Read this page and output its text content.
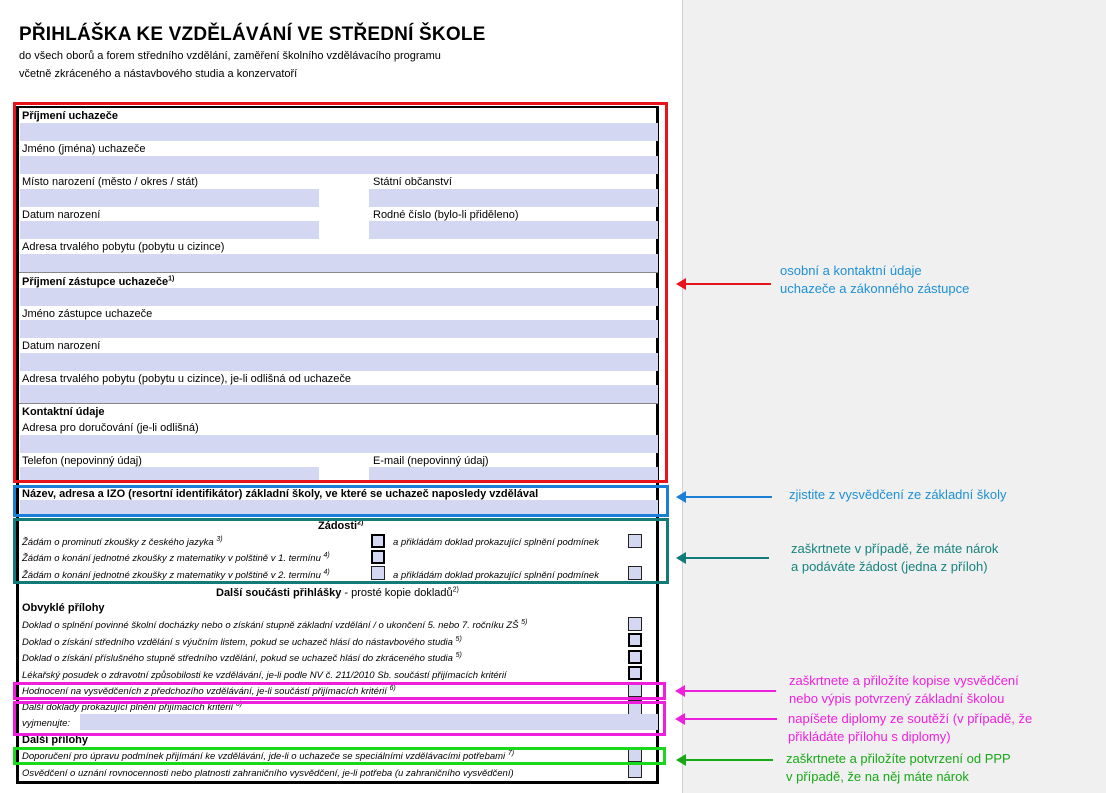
PŘIHLÁŠKA KE VZDĚLÁVÁNÍ VE STŘEDNÍ ŠKOLE
do všech oborů a forem středního vzdělání, zaměření školního vzdělávacího programu
včetně zkráceného a nástavbového studia a konzervatoří
Příjmení uchazeče
Jméno (jména) uchazeče
Místo narození (město / okres / stát)	Státní občanství
Datum narození	Rodné číslo (bylo-li přiděleno)
Adresa trvalého pobytu (pobytu u cizince)
Příjmení zástupce uchazeče$^{1)}$
Jméno zástupce uchazeče
Datum narození
Adresa trvalého pobytu (pobytu u cizince), je-li odlišná od uchazeče
Kontaktní údaje
Adresa pro doručování (je-li odlišná)
Telefon (nepovinný údaj)	E-mail (nepovinný údaj)
Název, adresa a IZO (resortní identifikátor) základní školy, ve které se uchazeč naposledy vzdělával
Žádosti$^{2)}$
Žádám o prominutí zkoušky z českého jazyka $^{3)}$	a přikládám doklad prokazující splnění podmínek
Žádám o konání jednotné zkoušky z matematiky v polštině v 1. termínu $^{4)}$
Žádám o konání jednotné zkoušky z matematiky v polštině v 2. termínu $^{4)}$	a přikládám doklad prokazující splnění podmínek
Další součásti přihlášky - prosté kopie dokladů$^{2)}$
Obvyklé přílohy
Doklad o splnění povinné školní docházky nebo o získání stupně základní vzdělání / o ukončení 5. nebo 7. ročníku ZŠ $^{5)}$
Doklad o získání středního vzdělání s výučním listem, pokud se uchazeč hlásí do nástavbového studia $^{5)}$
Doklad o získání příslušného stupně středního vzdělání, pokud se uchazeč hlásí do zkráceného studia $^{5)}$
Lékařský posudek o zdravotní způsobilosti ke vzdělávání, je-li podle NV č. 211/2010 Sb. součástí přijímacích kritérií
Hodnocení na vysvědčeních z předchozího vzdělávání, je-li součástí přijímacích kritérií $^{6)}$
Další doklady prokazující plnění přijímacích kritérií $^{6)}$
vyjmenujte:
Další přílohy
Doporučení pro úpravu podmínek přijímání ke vzdělávání, jde-li o uchazeče se speciálními vzdělávacími potřebami $^{7)}$
Osvědčení o uznání rovnocennosti nebo platnosti zahraničního vysvědčení, je-li potřeba (u zahraničního vysvědčení)
osobní a kontaktní údaje
uchazeče a zákonného zástupce
zjistite z vysvědčení ze základní školy
zaškrtnete v případě, že máte nárok
a podáváte žádost (jedna z příloh)
zaškrtnete a přiložíte kopise vysvědčení
nebo výpis potvrzený základní školou
napíšete diplomy ze soutěží (v případě, že
přikládáte přílohu s diplomy)
zaškrtnete a přiložíte potvrzení od PPP
v případě, že na něj máte nárok
